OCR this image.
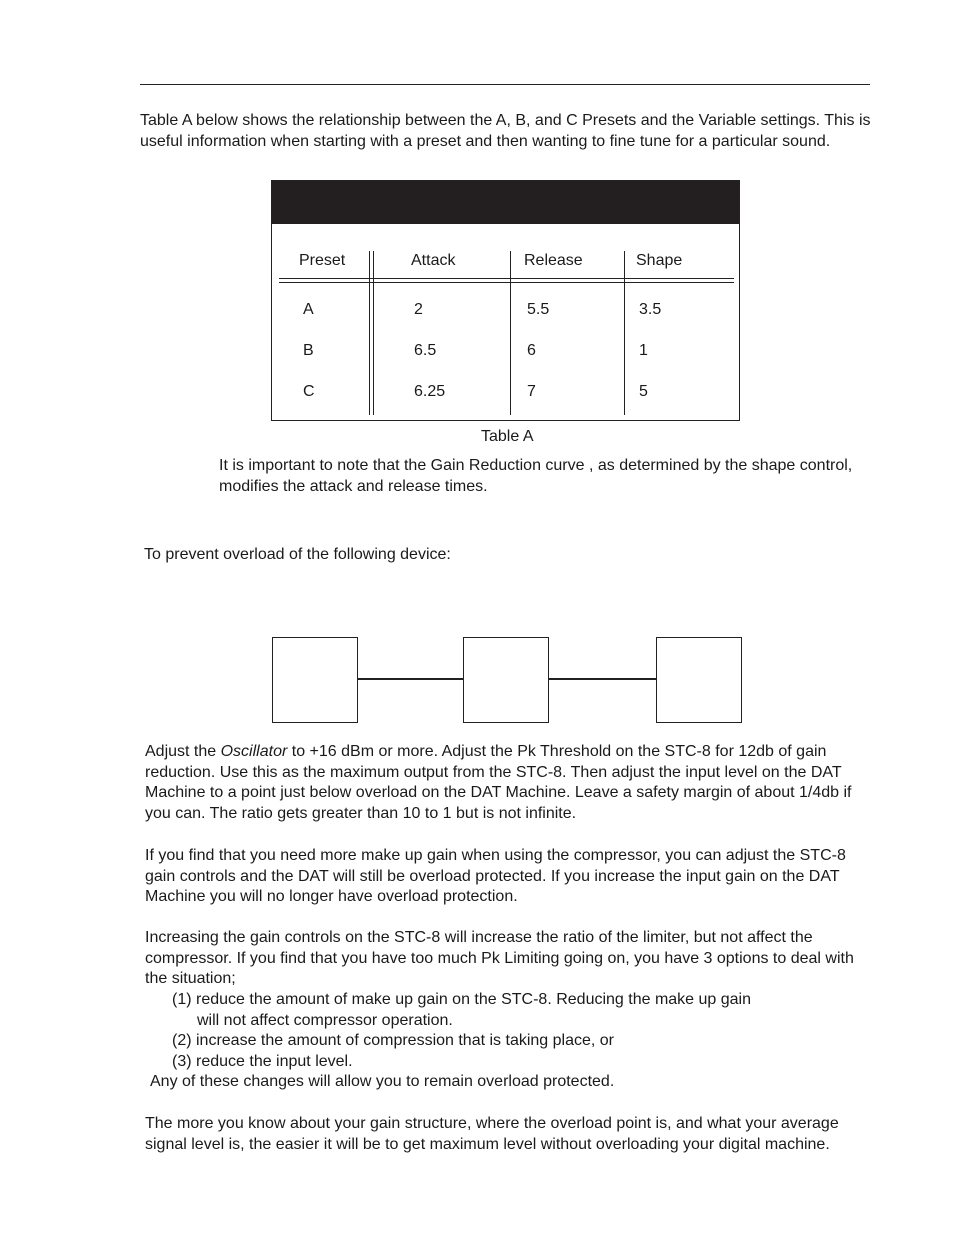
Table A below shows the relationship between the A, B, and C Presets and the Variable settings. This is useful information when starting with a preset and then wanting to fine tune for a particular sound.

Preset	Attack	Release	Shape
A	2	5.5	3.5
B	6.5	6	1
C	6.25	7	5
Table A

It is important to note that the Gain Reduction curve , as determined by the shape control, modifies the attack and release times.

To prevent overload of the following device:

Adjust the Oscillator to +16 dBm or more. Adjust the Pk Threshold on the STC-8 for 12db of gain reduction. Use this as the maximum output from the STC-8. Then adjust the input level on the DAT Machine to a point just below overload on the DAT Machine. Leave a safety margin of about 1/4db if you can. The ratio gets greater than 10 to 1 but is not infinite.

If you find that you need more make up gain when using the compressor, you can adjust the STC-8 gain controls and the DAT will still be overload protected. If you increase the input gain on the DAT Machine you will no longer have overload protection.

Increasing the gain controls on the STC-8 will increase the ratio of the limiter, but not affect the compressor. If you find that you have too much Pk Limiting going on, you have 3 options to deal with the situation;

(1) reduce the amount of make up gain on the STC-8. Reducing the make up gain

will not affect compressor operation.

(2) increase the amount of compression that is taking place, or

(3) reduce the input level.

Any of these changes will allow you to remain overload protected.

The more you know about your gain structure, where the overload point is, and what your average signal level is, the easier it will be to get maximum level without overloading your digital machine.
